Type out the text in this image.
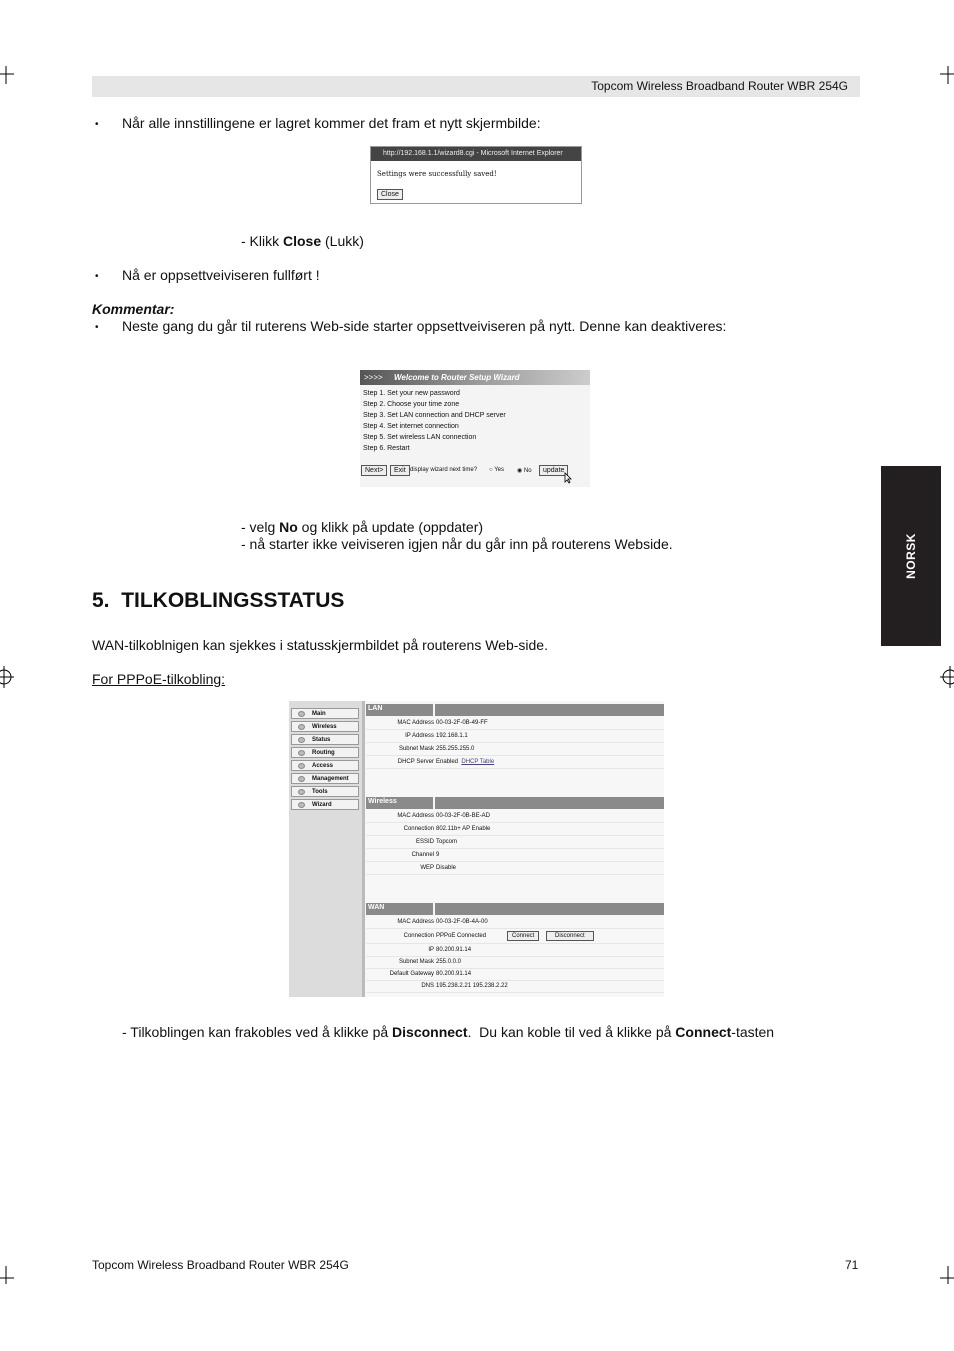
Topcom Wireless Broadband Router WBR 254G
• Når alle innstillingene er lagret kommer det fram et nytt skjermbilde:
http://192.168.1.1/wizard8.cgi - Microsoft Internet Explorer
Settings were successfully saved!
Close
- Klikk Close (Lukk)
• Nå er oppsettveiviseren fullført !
Kommentar:
• Neste gang du går til ruterens Web-side starter oppsettveiviseren på nytt. Denne kan deaktiveres:
>>>> Welcome to Router Setup Wizard
Step 1. Set your new password
Step 2. Choose your time zone
Step 3. Set LAN connection and DHCP server
Step 4. Set internet connection
Step 5. Set wireless LAN connection
Step 6. Restart
Next>	Exit display wizard next time? ○ Yes ◉ No	update
- velg No og klikk på update (oppdater)
- nå starter ikke veiviseren igjen når du går inn på routerens Webside.
5. TILKOBLINGSSTATUS
WAN-tilkoblnigen kan sjekkes i statusskjermbildet på routerens Web-side.
For PPPoE-tilkobling:
Main
Wireless
Status
Routing
Access
Management
Tools
Wizard
LAN
MAC Address 00-03-2F-0B-49-FF
IP Address 192.168.1.1
Subnet Mask 255.255.255.0
DHCP Server Enabled DHCP Table
Wireless
MAC Address 00-03-2F-0B-BE-AD
Connection 802.11b+ AP Enable
ESSID Topcom
Channel 9
WEP Disable
WAN
MAC Address 00-03-2F-0B-4A-00
Connection PPPoE Connected	Connect	Disconnect
IP 80.200.91.14
Subnet Mask 255.0.0.0
Default Gateway 80.200.91.14
DNS 195.238.2.21 195.238.2.22
- Tilkoblingen kan frakobles ved å klikke på Disconnect.  Du kan koble til ved å klikke på Connect-tasten
NORSK
Topcom Wireless Broadband Router WBR 254G	71
